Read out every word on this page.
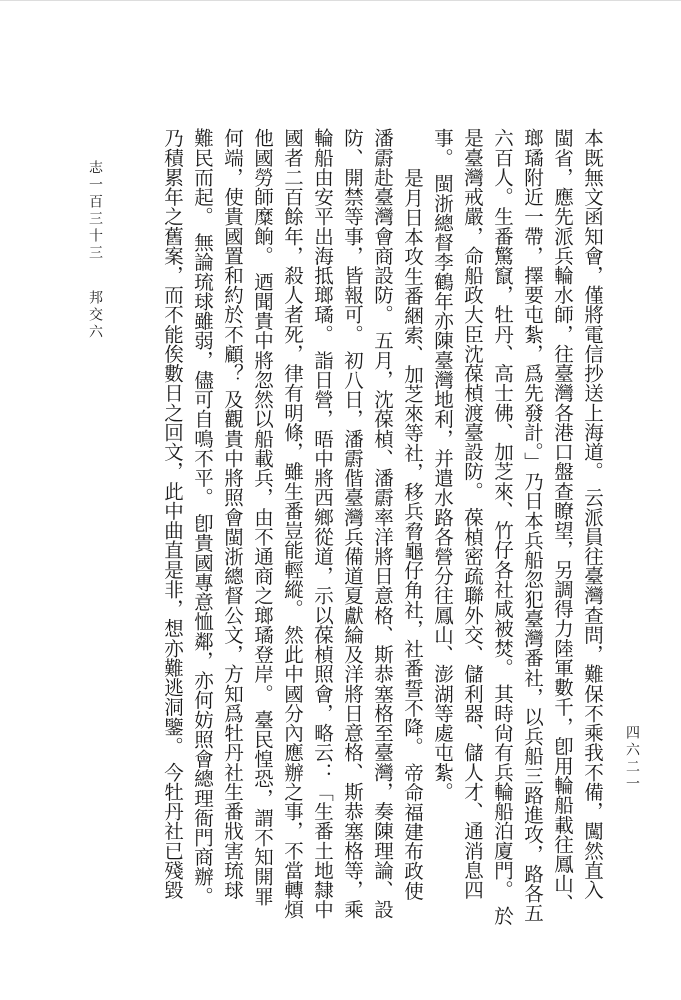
本既無文函知會，僅將電信抄送上海道。 云派員往臺灣查問，難保不乘我不備，闖然直入
閩省，應先派兵輪水師，往臺灣各港口盤查瞭望，另調得力陸軍數千，卽用輪船載往鳳山、
瑯璚附近一帶，擇要屯紮，爲先發計。」乃日本兵船忽犯臺灣番社，以兵船三路進攻，路各五
六百人。生番驚竄，牡丹、高士佛、加芝來、竹仔各社咸被焚。 其時尙有兵輪船泊廈門。 於
是臺灣戒嚴，命船政大臣沈葆楨渡臺設防。 葆楨密疏聯外交、儲利器、儲人才、通消息四
事。 閩浙總督李鶴年亦陳臺灣地利，并遣水路各營分往鳳山、澎湖等處屯紮。
是月日本攻生番綑索、加芝來等社，移兵脅龜仔角社，社番誓不降。 帝命福建布政使
潘霨赴臺灣會商設防。 五月，沈葆楨、潘霨率洋將日意格、斯恭塞格至臺灣，奏陳理論、設
防、開禁等事，皆報可。 初八日，潘霨偕臺灣兵備道夏獻綸及洋將日意格、斯恭塞格等，乘
輪船由安平出海抵瑯璚。 詣日營，晤中將西鄉從道，示以葆楨照會，略云：「生番土地隸中
國者二百餘年，殺人者死，律有明條，雖生番豈能輕縱。 然此中國分內應辦之事，不當轉煩
他國勞師糜餉。 迺聞貴中將忽然以船載兵，由不通商之瑯璚登岸。 臺民惶恐，謂不知開罪
何端，使貴國置和約於不顧？ 及觀貴中將照會閩浙總督公文，方知爲牡丹社生番戕害琉球
難民而起。 無論琉球雖弱，儘可自鳴不平。 卽貴國專意恤鄰，亦何妨照會總理衙門商辦。
乃積累年之舊案，而不能俟數日之回文，此中曲直是非，想亦難逃洞鑒。 今牡丹社已殘毀	四六二一
志一百三十三
邦交六
